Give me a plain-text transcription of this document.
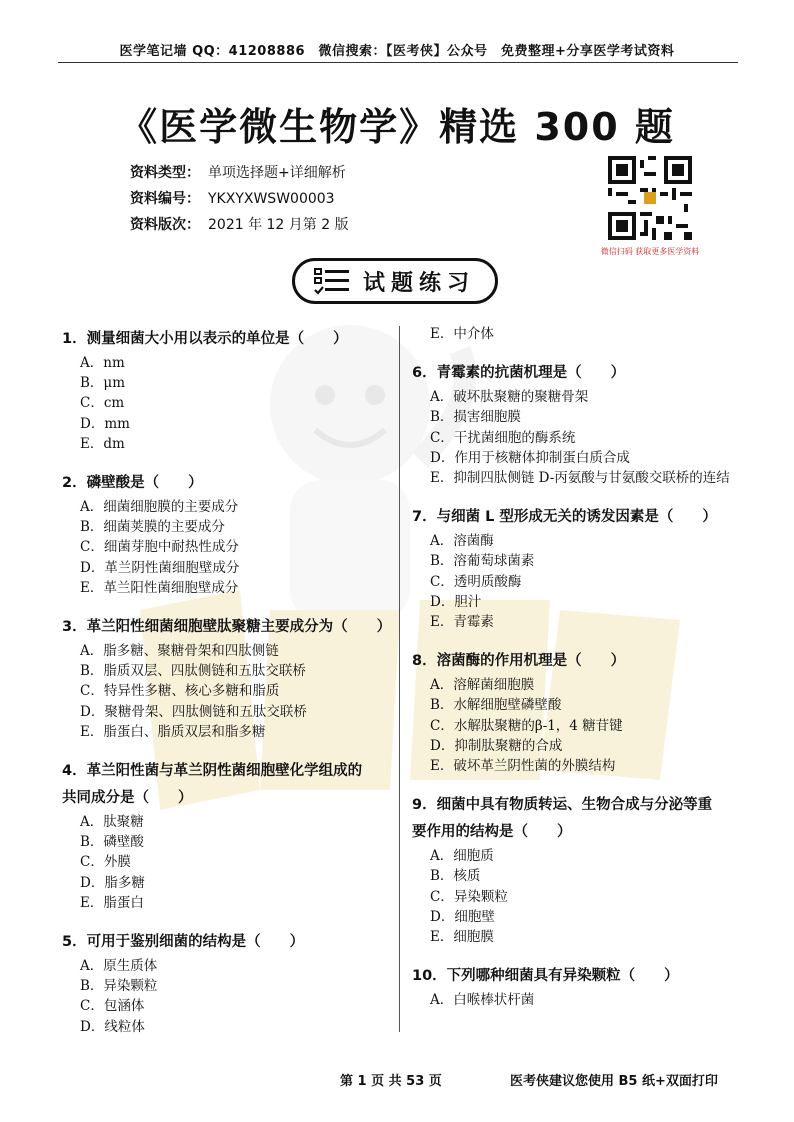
医学笔记墙 QQ：41208886　微信搜索：【医考侠】公众号　免费整理+分享医学考试资料
《医学微生物学》精选 300 题
资料类型： 单项选择题+详细解析
资料编号： YKXYXWSW00003
资料版次： 2021 年 12 月第 2 版
微信扫码 获取更多医学资料
试题练习
1．测量细菌大小用以表示的单位是（　　）
A．nm
B．μm
C．cm
D．mm
E．dm
2．磷壁酸是（　　）
A．细菌细胞膜的主要成分
B．细菌荚膜的主要成分
C．细菌芽胞中耐热性成分
D．革兰阴性菌细胞壁成分
E．革兰阳性菌细胞壁成分
3．革兰阳性细菌细胞壁肽聚糖主要成分为（　　）
A．脂多糖、聚糖骨架和四肽侧链
B．脂质双层、四肽侧链和五肽交联桥
C．特异性多糖、核心多糖和脂质
D．聚糖骨架、四肽侧链和五肽交联桥
E．脂蛋白、脂质双层和脂多糖
4．革兰阳性菌与革兰阴性菌细胞壁化学组成的
共同成分是（　　）
A．肽聚糖
B．磷壁酸
C．外膜
D．脂多糖
E．脂蛋白
5．可用于鉴别细菌的结构是（　　）
A．原生质体
B．异染颗粒
C．包涵体
D．线粒体
E．中介体
6．青霉素的抗菌机理是（　　）
A．破坏肽聚糖的聚糖骨架
B．损害细胞膜
C．干扰菌细胞的酶系统
D．作用于核糖体抑制蛋白质合成
E．抑制四肽侧链 D-丙氨酸与甘氨酸交联桥的连结
7．与细菌 L 型形成无关的诱发因素是（　　）
A．溶菌酶
B．溶葡萄球菌素
C．透明质酸酶
D．胆汁
E．青霉素
8．溶菌酶的作用机理是（　　）
A．溶解菌细胞膜
B．水解细胞壁磷壁酸
C．水解肽聚糖的β-1，4 糖苷键
D．抑制肽聚糖的合成
E．破坏革兰阴性菌的外膜结构
9．细菌中具有物质转运、生物合成与分泌等重
要作用的结构是（　　）
A．细胞质
B．核质
C．异染颗粒
D．细胞壁
E．细胞膜
10．下列哪种细菌具有异染颗粒（　　）
A．白喉棒状杆菌
第 1 页 共 53 页	医考侠建议您使用 B5 纸+双面打印
